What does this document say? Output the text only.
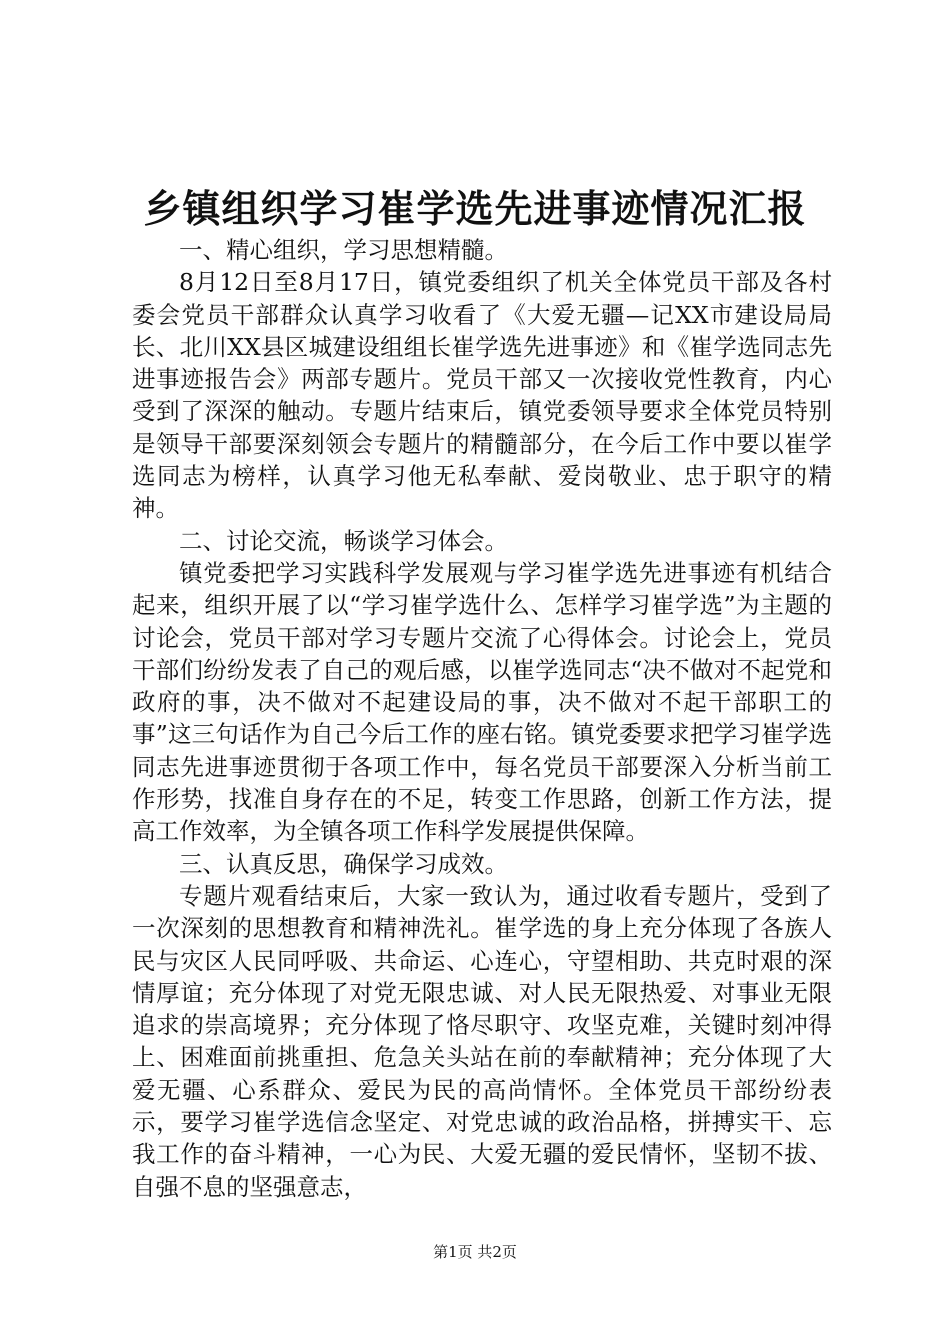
乡镇组织学习崔学选先进事迹情况汇报

一、精心组织，学习思想精髓。

8月12日至8月17日，镇党委组织了机关全体党员干部及各村委会党员干部群众认真学习收看了《大爱无疆—记XX市建设局局长、北川XX县区城建设组组长崔学选先进事迹》和《崔学选同志先进事迹报告会》两部专题片。党员干部又一次接收党性教育，内心受到了深深的触动。专题片结束后，镇党委领导要求全体党员特别是领导干部要深刻领会专题片的精髓部分，在今后工作中要以崔学选同志为榜样，认真学习他无私奉献、爱岗敬业、忠于职守的精神。

二、讨论交流，畅谈学习体会。

镇党委把学习实践科学发展观与学习崔学选先进事迹有机结合起来，组织开展了以“学习崔学选什么、怎样学习崔学选”为主题的讨论会，党员干部对学习专题片交流了心得体会。讨论会上，党员干部们纷纷发表了自己的观后感，以崔学选同志“决不做对不起党和政府的事，决不做对不起建设局的事，决不做对不起干部职工的事”这三句话作为自己今后工作的座右铭。镇党委要求把学习崔学选同志先进事迹贯彻于各项工作中，每名党员干部要深入分析当前工作形势，找准自身存在的不足，转变工作思路，创新工作方法，提高工作效率，为全镇各项工作科学发展提供保障。

三、认真反思，确保学习成效。

专题片观看结束后，大家一致认为，通过收看专题片，受到了一次深刻的思想教育和精神洗礼。崔学选的身上充分体现了各族人民与灾区人民同呼吸、共命运、心连心，守望相助、共克时艰的深情厚谊；充分体现了对党无限忠诚、对人民无限热爱、对事业无限追求的崇高境界；充分体现了恪尽职守、攻坚克难，关键时刻冲得上、困难面前挑重担、危急关头站在前的奉献精神；充分体现了大爱无疆、心系群众、爱民为民的高尚情怀。全体党员干部纷纷表示，要学习崔学选信念坚定、对党忠诚的政治品格，拼搏实干、忘我工作的奋斗精神，一心为民、大爱无疆的爱民情怀，坚韧不拔、自强不息的坚强意志，

第1页 共2页
